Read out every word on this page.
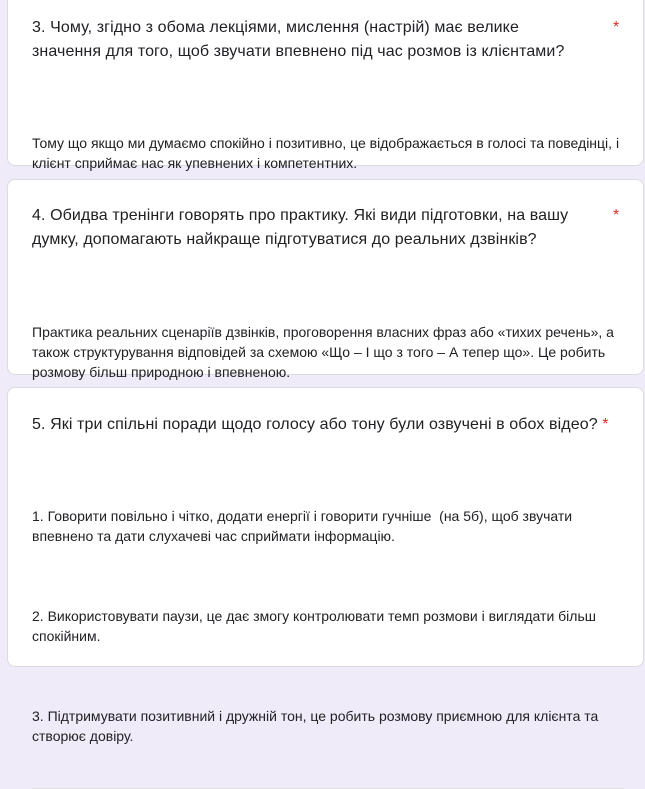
3. Чому, згідно з обома лекціями, мислення (настрій) має велике значення для того, щоб звучати впевнено під час розмов із клієнтами?
*

Тому що якщо ми думаємо спокійно і позитивно, це відображається в голосі та поведінці, і клієнт сприймає нас як упевнених і компетентних.

4. Обидва тренінги говорять про практику. Які види підготовки, на вашу думку, допомагають найкраще підготуватися до реальних дзвінків?
*

Практика реальних сценаріїв дзвінків, проговорення власних фраз або «тихих речень», а також структурування відповідей за схемою «Що – І що з того – А тепер що». Це робить розмову більш природною і впевненою.

5. Які три спільні поради щодо голосу або тону були озвучені в обох відео? *

1. Говорити повільно і чітко, додати енергії і говорити гучніше  (на 5б), щоб звучати впевнено та дати слухачеві час сприймати інформацію.

2. Використовувати паузи, це дає змогу контролювати темп розмови і виглядати більш спокійним.

3. Підтримувати позитивний і дружній тон, це робить розмову приємною для клієнта та створює довіру.
